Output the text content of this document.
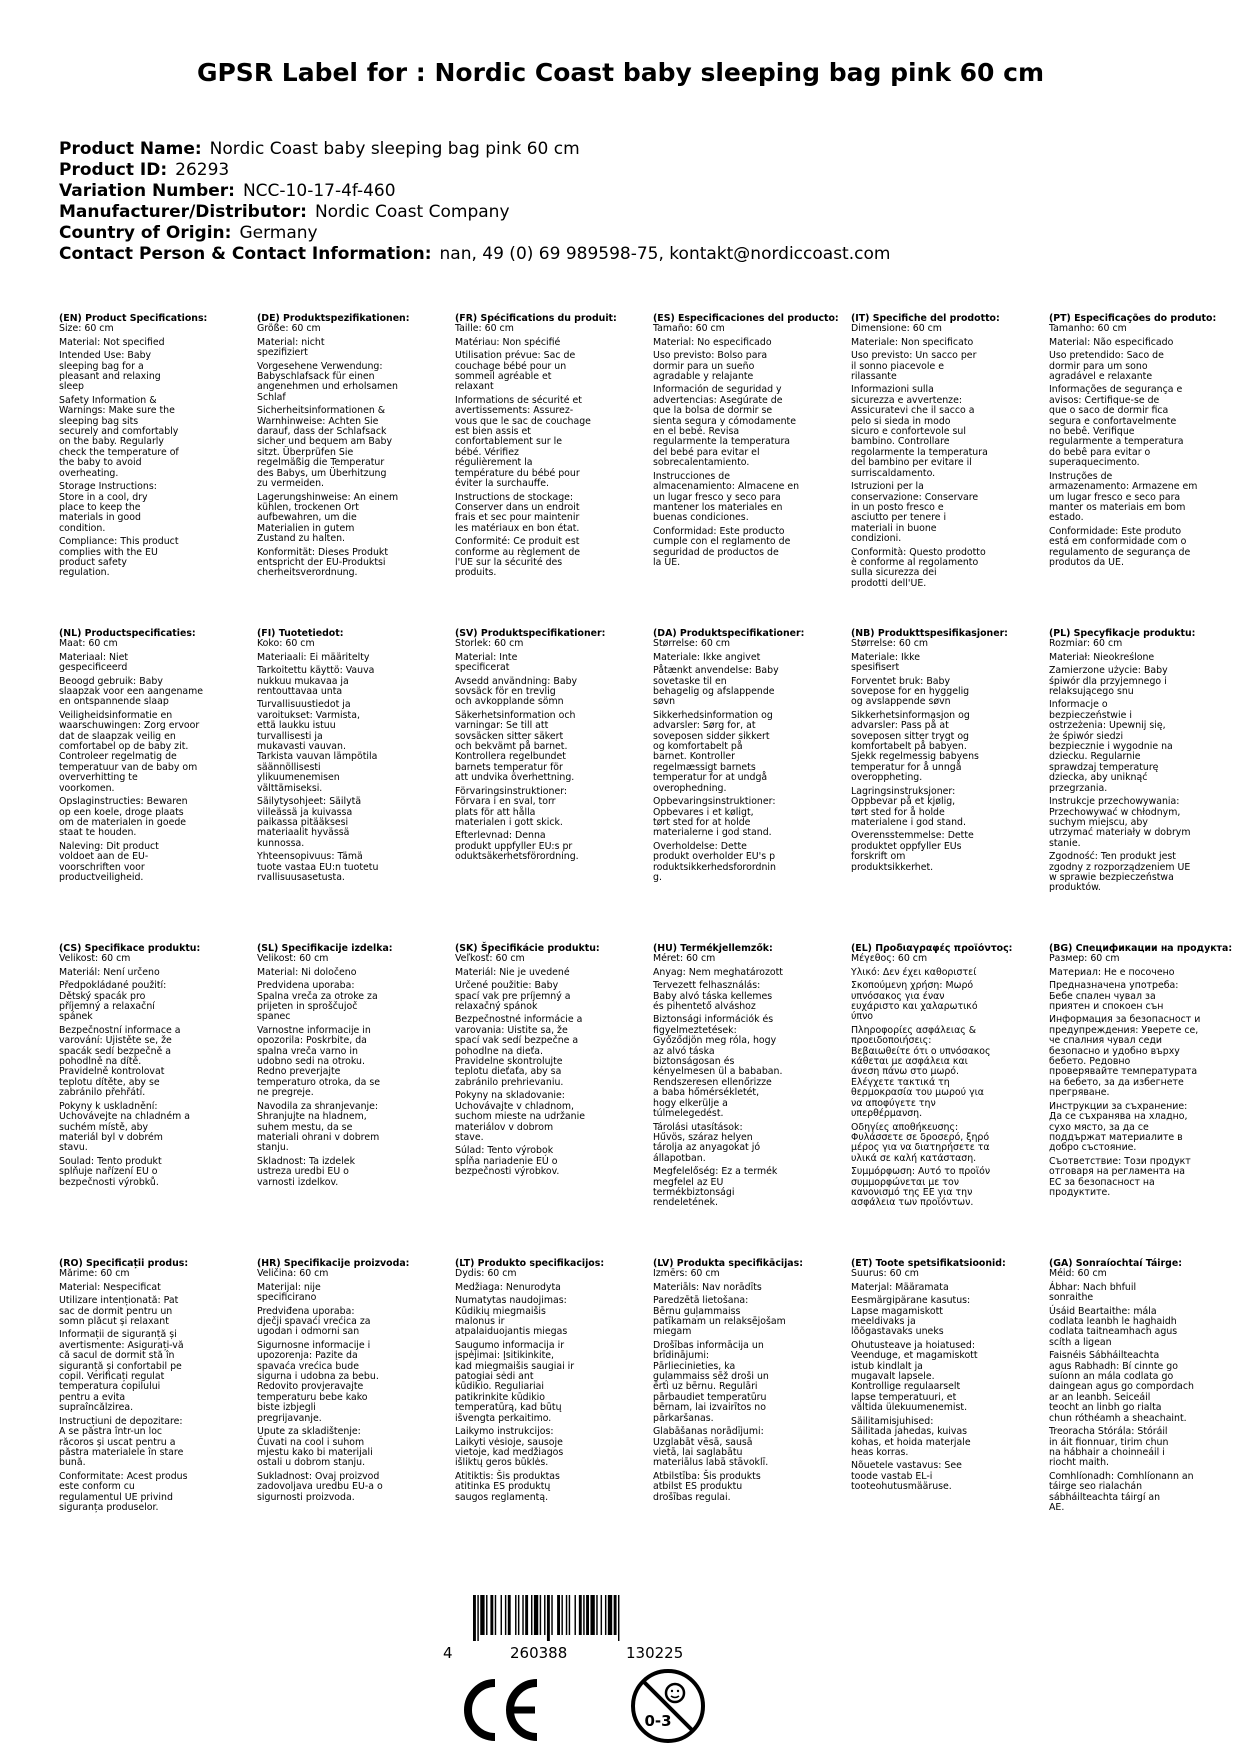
GPSR Label for : Nordic Coast baby sleeping bag pink 60 cm
Product Name: Nordic Coast baby sleeping bag pink 60 cm
Product ID: 26293
Variation Number: NCC-10-17-4f-460
Manufacturer/Distributor: Nordic Coast Company
Country of Origin: Germany
Contact Person & Contact Information: nan, 49 (0) 69 989598-75, kontakt@nordiccoast.com
(EN) Product Specifications:
Size: 60 cm
Material: Not specified
Intended Use: Baby
sleeping bag for a
pleasant and relaxing
sleep
Safety Information &
Warnings: Make sure the
sleeping bag sits
securely and comfortably
on the baby. Regularly
check the temperature of
the baby to avoid
overheating.
Storage Instructions:
Store in a cool, dry
place to keep the
materials in good
condition.
Compliance: This product
complies with the EU
product safety
regulation.
(DE) Produktspezifikationen:
Größe: 60 cm
Material: nicht
spezifiziert
Vorgesehene Verwendung:
Babyschlafsack für einen
angenehmen und erholsamen
Schlaf
Sicherheitsinformationen &
Warnhinweise: Achten Sie
darauf, dass der Schlafsack
sicher und bequem am Baby
sitzt. Überprüfen Sie
regelmäßig die Temperatur
des Babys, um Überhitzung
zu vermeiden.
Lagerungshinweise: An einem
kühlen, trockenen Ort
aufbewahren, um die
Materialien in gutem
Zustand zu halten.
Konformität: Dieses Produkt
entspricht der EU-Produktsi
cherheitsverordnung.
(FR) Spécifications du produit:
Taille: 60 cm
Matériau: Non spécifié
Utilisation prévue: Sac de
couchage bébé pour un
sommeil agréable et
relaxant
Informations de sécurité et
avertissements: Assurez-
vous que le sac de couchage
est bien assis et
confortablement sur le
bébé. Vérifiez
régulièrement la
température du bébé pour
éviter la surchauffe.
Instructions de stockage:
Conserver dans un endroit
frais et sec pour maintenir
les matériaux en bon état.
Conformité: Ce produit est
conforme au règlement de
l'UE sur la sécurité des
produits.
(ES) Especificaciones del producto:
Tamaño: 60 cm
Material: No especificado
Uso previsto: Bolso para
dormir para un sueño
agradable y relajante
Información de seguridad y
advertencias: Asegúrate de
que la bolsa de dormir se
sienta segura y cómodamente
en el bebé. Revisa
regularmente la temperatura
del bebé para evitar el
sobrecalentamiento.
Instrucciones de
almacenamiento: Almacene en
un lugar fresco y seco para
mantener los materiales en
buenas condiciones.
Conformidad: Este producto
cumple con el reglamento de
seguridad de productos de
la UE.
(IT) Specifiche del prodotto:
Dimensione: 60 cm
Materiale: Non specificato
Uso previsto: Un sacco per
il sonno piacevole e
rilassante
Informazioni sulla
sicurezza e avvertenze:
Assicuratevi che il sacco a
pelo si sieda in modo
sicuro e confortevole sul
bambino. Controllare
regolarmente la temperatura
del bambino per evitare il
surriscaldamento.
Istruzioni per la
conservazione: Conservare
in un posto fresco e
asciutto per tenere i
materiali in buone
condizioni.
Conformità: Questo prodotto
è conforme al regolamento
sulla sicurezza dei
prodotti dell'UE.
(PT) Especificações do produto:
Tamanho: 60 cm
Material: Não especificado
Uso pretendido: Saco de
dormir para um sono
agradável e relaxante
Informações de segurança e
avisos: Certifique-se de
que o saco de dormir fica
segura e confortavelmente
no bebê. Verifique
regularmente a temperatura
do bebê para evitar o
superaquecimento.
Instruções de
armazenamento: Armazene em
um lugar fresco e seco para
manter os materiais em bom
estado.
Conformidade: Este produto
está em conformidade com o
regulamento de segurança de
produtos da UE.
(NL) Productspecificaties:
Maat: 60 cm
Materiaal: Niet
gespecificeerd
Beoogd gebruik: Baby
slaapzak voor een aangename
en ontspannende slaap
Veiligheidsinformatie en
waarschuwingen: Zorg ervoor
dat de slaapzak veilig en
comfortabel op de baby zit.
Controleer regelmatig de
temperatuur van de baby om
oververhitting te
voorkomen.
Opslaginstructies: Bewaren
op een koele, droge plaats
om de materialen in goede
staat te houden.
Naleving: Dit product
voldoet aan de EU-
voorschriften voor
productveiligheid.
(FI) Tuotetiedot:
Koko: 60 cm
Materiaali: Ei määritelty
Tarkoitettu käyttö: Vauva
nukkuu mukavaa ja
rentouttavaa unta
Turvallisuustiedot ja
varoitukset: Varmista,
että laukku istuu
turvallisesti ja
mukavasti vauvan.
Tarkista vauvan lämpötila
säännöllisesti
ylikuumenemisen
välttämiseksi.
Säilytysohjeet: Säilytä
viileässä ja kuivassa
paikassa pitääksesi
materiaalit hyvässä
kunnossa.
Yhteensopivuus: Tämä
tuote vastaa EU:n tuotetu
rvallisuusasetusta.
(SV) Produktspecifikationer:
Storlek: 60 cm
Material: Inte
specificerat
Avsedd användning: Baby
sovsäck för en trevlig
och avkopplande sömn
Säkerhetsinformation och
varningar: Se till att
sovsäcken sitter säkert
och bekvämt på barnet.
Kontrollera regelbundet
barnets temperatur för
att undvika överhettning.
Förvaringsinstruktioner:
Förvara i en sval, torr
plats för att hålla
materialen i gott skick.
Efterlevnad: Denna
produkt uppfyller EU:s pr
oduktsäkerhetsförordning.
(DA) Produktspecifikationer:
Størrelse: 60 cm
Materiale: Ikke angivet
Påtænkt anvendelse: Baby
sovetaske til en
behagelig og afslappende
søvn
Sikkerhedsinformation og
advarsler: Sørg for, at
soveposen sidder sikkert
og komfortabelt på
barnet. Kontroller
regelmæssigt barnets
temperatur for at undgå
overophedning.
Opbevaringsinstruktioner:
Opbevares i et køligt,
tørt sted for at holde
materialerne i god stand.
Overholdelse: Dette
produkt overholder EU's p
roduktsikkerhedsforordnin
g.
(NB) Produkttspesifikasjoner:
Størrelse: 60 cm
Materiale: Ikke
spesifisert
Forventet bruk: Baby
sovepose for en hyggelig
og avslappende søvn
Sikkerhetsinformasjon og
advarsler: Pass på at
soveposen sitter trygt og
komfortabelt på babyen.
Sjekk regelmessig babyens
temperatur for å unngå
overoppheting.
Lagringsinstruksjoner:
Oppbevar på et kjølig,
tørt sted for å holde
materialene i god stand.
Overensstemmelse: Dette
produktet oppfyller EUs
forskrift om
produktsikkerhet.
(PL) Specyfikacje produktu:
Rozmiar: 60 cm
Materiał: Nieokreślone
Zamierzone użycie: Baby
śpiwór dla przyjemnego i
relaksującego snu
Informacje o
bezpieczeństwie i
ostrzeżenia: Upewnij się,
że śpiwór siedzi
bezpiecznie i wygodnie na
dziecku. Regularnie
sprawdzaj temperaturę
dziecka, aby uniknąć
przegrzania.
Instrukcje przechowywania:
Przechowywać w chłodnym,
suchym miejscu, aby
utrzymać materiały w dobrym
stanie.
Zgodność: Ten produkt jest
zgodny z rozporządzeniem UE
w sprawie bezpieczeństwa
produktów.
(CS) Specifikace produktu:
Velikost: 60 cm
Materiál: Není určeno
Předpokládané použití:
Dětský spacák pro
příjemný a relaxační
spánek
Bezpečnostní informace a
varování: Ujistěte se, že
spacák sedí bezpečně a
pohodlně na dítě.
Pravidelně kontrolovat
teplotu dítěte, aby se
zabránilo přehřátí.
Pokyny k uskladnění:
Uchovávejte na chladném a
suchém místě, aby
materiál byl v dobrém
stavu.
Soulad: Tento produkt
splňuje nařízení EU o
bezpečnosti výrobků.
(SL) Specifikacije izdelka:
Velikost: 60 cm
Material: Ni določeno
Predvidena uporaba:
Spalna vreča za otroke za
prijeten in sproščujoč
spanec
Varnostne informacije in
opozorila: Poskrbite, da
spalna vreča varno in
udobno sedi na otroku.
Redno preverjajte
temperaturo otroka, da se
ne pregreje.
Navodila za shranjevanje:
Shranjujte na hladnem,
suhem mestu, da se
materiali ohrani v dobrem
stanju.
Skladnost: Ta izdelek
ustreza uredbi EU o
varnosti izdelkov.
(SK) Špecifikácie produktu:
Veľkosť: 60 cm
Materiál: Nie je uvedené
Určené použitie: Baby
spací vak pre príjemný a
relaxačný spánok
Bezpečnostné informácie a
varovania: Uistite sa, že
spací vak sedí bezpečne a
pohodlne na dieťa.
Pravidelne skontrolujte
teplotu dieťaťa, aby sa
zabránilo prehrievaniu.
Pokyny na skladovanie:
Uchovávajte v chladnom,
suchom mieste na udržanie
materiálov v dobrom
stave.
Súlad: Tento výrobok
spĺňa nariadenie EÚ o
bezpečnosti výrobkov.
(HU) Termékjellemzők:
Méret: 60 cm
Anyag: Nem meghatározott
Tervezett felhasználás:
Baby alvó táska kellemes
és pihentető alváshoz
Biztonsági információk és
figyelmeztetések:
Győződjön meg róla, hogy
az alvó táska
biztonságosan és
kényelmesen ül a bababan.
Rendszeresen ellenőrizze
a baba hőmérsékletét,
hogy elkerülje a
túlmelegedést.
Tárolási utasítások:
Hűvös, száraz helyen
tárolja az anyagokat jó
állapotban.
Megfelelőség: Ez a termék
megfelel az EU
termékbiztonsági
rendeletének.
(EL) Προδιαγραφές προϊόντος:
Μέγεθος: 60 cm
Υλικό: Δεν έχει καθοριστεί
Σκοπούμενη χρήση: Μωρό
υπνόσακος για έναν
ευχάριστο και χαλαρωτικό
ύπνο
Πληροφορίες ασφάλειας &
προειδοποιήσεις:
Βεβαιωθείτε ότι ο υπνόσακος
κάθεται με ασφάλεια και
άνεση πάνω στο μωρό.
Ελέγχετε τακτικά τη
θερμοκρασία του μωρού για
να αποφύγετε την
υπερθέρμανση.
Οδηγίες αποθήκευσης:
Φυλάσσετε σε δροσερό, ξηρό
μέρος για να διατηρήσετε τα
υλικά σε καλή κατάσταση.
Συμμόρφωση: Αυτό το προϊόν
συμμορφώνεται με τον
κανονισμό της ΕΕ για την
ασφάλεια των προϊόντων.
(BG) Спецификации на продукта:
Размер: 60 cm
Материал: Не е посочено
Предназначена употреба:
Бебе спален чувал за
приятен и спокоен сън
Информация за безопасност и
предупреждения: Уверете се,
че спалния чувал седи
безопасно и удобно върху
бебето. Редовно
проверявайте температурата
на бебето, за да избегнете
прегряване.
Инструкции за съхранение:
Да се съхранява на хладно,
сухо място, за да се
поддържат материалите в
добро състояние.
Съответствие: Този продукт
отговаря на регламента на
ЕС за безопасност на
продуктите.
(RO) Specificații produs:
Mărime: 60 cm
Material: Nespecificat
Utilizare intenționată: Pat
sac de dormit pentru un
somn plăcut și relaxant
Informații de siguranță și
avertismente: Asigurați-vă
că sacul de dormit stă în
siguranță și confortabil pe
copil. Verificați regulat
temperatura copilului
pentru a evita
supraîncălzirea.
Instrucțiuni de depozitare:
A se păstra într-un loc
răcoros și uscat pentru a
păstra materialele în stare
bună.
Conformitate: Acest produs
este conform cu
regulamentul UE privind
siguranța produselor.
(HR) Specifikacije proizvoda:
Veličina: 60 cm
Materijal: nije
specificirano
Predviđena uporaba:
dječji spavaći vrećica za
ugodan i odmorni san
Sigurnosne informacije i
upozorenja: Pazite da
spavaća vrećica bude
sigurna i udobna za bebu.
Redovito provjeravajte
temperaturu bebe kako
biste izbjegli
pregrijavanje.
Upute za skladištenje:
Čuvati na cool i suhom
mjestu kako bi materijali
ostali u dobrom stanju.
Sukladnost: Ovaj proizvod
zadovoljava uredbu EU-a o
sigurnosti proizvoda.
(LT) Produkto specifikacijos:
Dydis: 60 cm
Medžiaga: Nenurodyta
Numatytas naudojimas:
Kūdikių miegmaišis
malonus ir
atpalaiduojantis miegas
Saugumo informacija ir
įspėjimai: Įsitikinkite,
kad miegmaišis saugiai ir
patogiai sėdi ant
kūdikio. Reguliariai
patikrinkite kūdikio
temperatūrą, kad būtų
išvengta perkaitimo.
Laikymo instrukcijos:
Laikyti vėsioje, sausoje
vietoje, kad medžiagos
išliktų geros būklės.
Atitiktis: Šis produktas
atitinka ES produktų
saugos reglamentą.
(LV) Produkta specifikācijas:
Izmērs: 60 cm
Materiāls: Nav norādīts
Paredzētā lietošana:
Bērnu guļammaiss
patīkamam un relaksējošam
miegam
Drošības informācija un
brīdinājumi:
Pārliecinieties, ka
guļammaiss sēž droši un
ērti uz bērnu. Regulāri
pārbaudiet temperatūru
bērnam, lai izvairītos no
pārkaršanas.
Glabāšanas norādījumi:
Uzglabāt vēsā, sausā
vietā, lai saglabātu
materiālus labā stāvoklī.
Atbilstība: Šis produkts
atbilst ES produktu
drošības regulai.
(ET) Toote spetsifikatsioonid:
Suurus: 60 cm
Materjal: Määramata
Eesmärgipärane kasutus:
Lapse magamiskott
meeldivaks ja
lõõgastavaks uneks
Ohutusteave ja hoiatused:
Veenduge, et magamiskott
istub kindlalt ja
mugavalt lapsele.
Kontrollige regulaarselt
lapse temperatuuri, et
vältida ülekuumenemist.
Säilitamisjuhised:
Säilitada jahedas, kuivas
kohas, et hoida materjale
heas korras.
Nõuetele vastavus: See
toode vastab EL-i
tooteohutusmääruse.
(GA) Sonraíochtaí Táirge:
Méid: 60 cm
Ábhar: Nach bhfuil
sonraithe
Úsáid Beartaithe: mála
codlata leanbh le haghaidh
codlata taitneamhach agus
scíth a ligean
Faisnéis Sábháilteachta
agus Rabhadh: Bí cinnte go
suíonn an mála codlata go
daingean agus go compordach
ar an leanbh. Seiceáil
teocht an linbh go rialta
chun róthéamh a sheachaint.
Treoracha Stórála: Stóráil
in áit fionnuar, tirim chun
na hábhair a choinneáil i
riocht maith.
Comhlíonadh: Comhlíonann an
táirge seo rialachán
sábháilteachta táirgí an
AE.
4	260388	130225
0-3
